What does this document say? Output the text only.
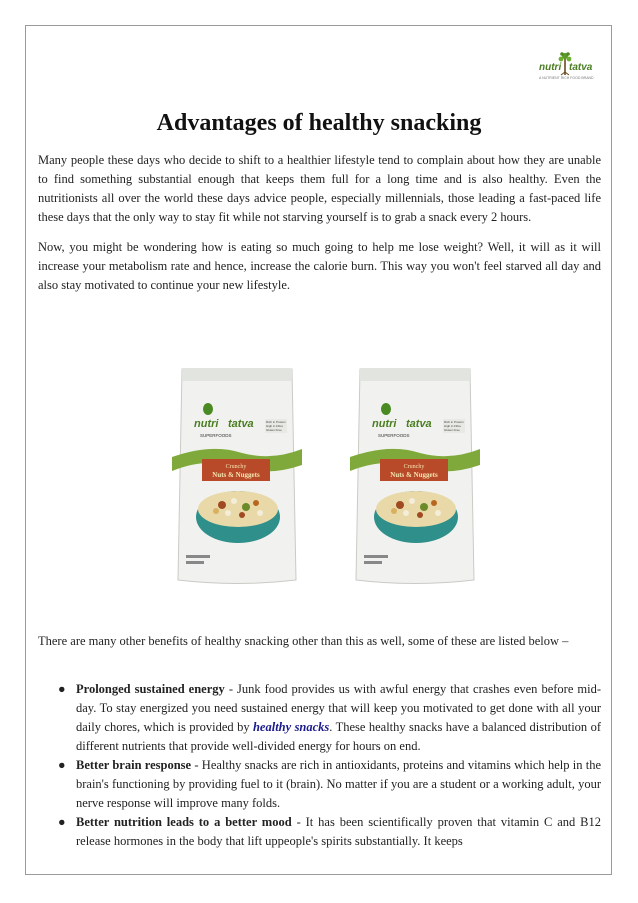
nutri tatva
A NUTRIENT RICH FOOD BRAND
Advantages of healthy snacking

Many people these days who decide to shift to a healthier lifestyle tend to complain about how they are unable to find something substantial enough that keeps them full for a long time and is also healthy. Even the nutritionists all over the world these days advice people, especially millennials, those leading a fast-paced life these days that the only way to stay fit while not starving yourself is to grab a snack every 2 hours.

Now, you might be wondering how is eating so much going to help me lose weight? Well, it will as it will increase your metabolism rate and hence, increase the calorie burn. This way you won't feel starved all day and also stay motivated to continue your new lifestyle.

nutri tatva
SUPERFOODS
Rich in Protein
High in Fibre
Gluten Free
Crunchy
Nuts & Nuggets
nutri tatva
SUPERFOODS
Rich in Protein
High in Fibre
Gluten Free
Crunchy
Nuts & Nuggets

There are many other benefits of healthy snacking other than this as well, some of these are listed below –

● Prolonged sustained energy - Junk food provides us with awful energy that crashes even before mid-day. To stay energized you need sustained energy that will keep you motivated to get done with all your daily chores, which is provided by healthy snacks. These healthy snacks have a balanced distribution of different nutrients that provide well-divided energy for hours on end.
● Better brain response - Healthy snacks are rich in antioxidants, proteins and vitamins which help in the brain's functioning by providing fuel to it (brain). No matter if you are a student or a working adult, your nerve response will improve many folds.
● Better nutrition leads to a better mood - It has been scientifically proven that vitamin C and B12 release hormones in the body that lift uppeople's spirits substantially. It keeps
